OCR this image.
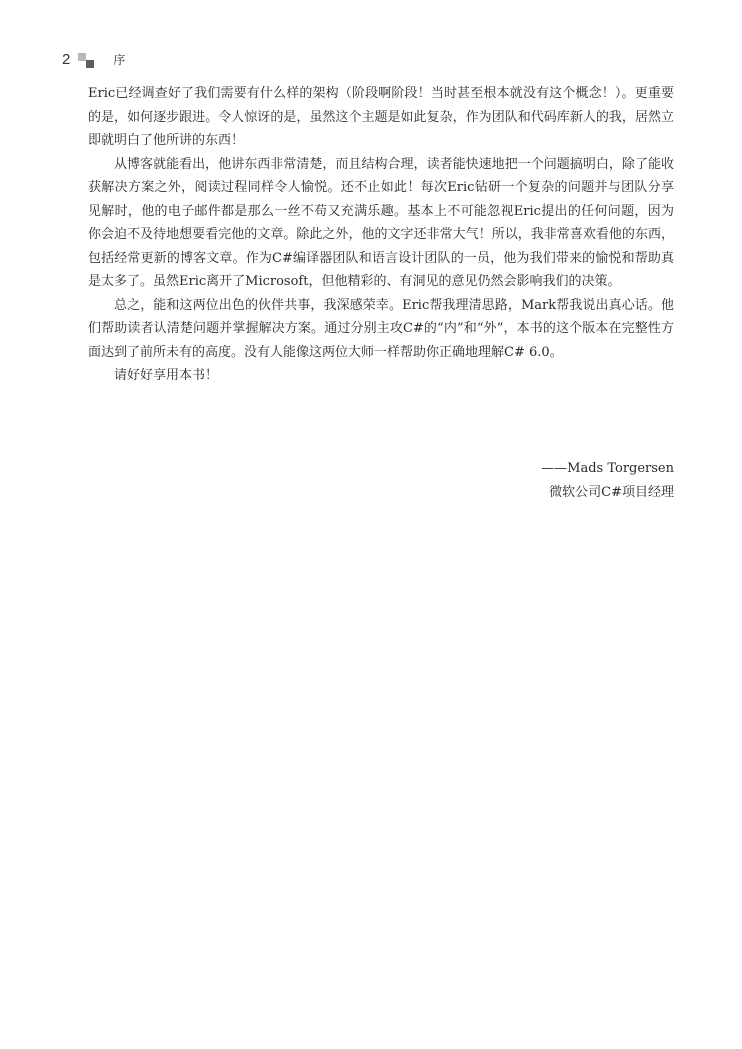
2	序

Eric已经调查好了我们需要有什么样的架构（阶段啊阶段！当时甚至根本就没有这个概念！）。更重要的是，如何逐步跟进。令人惊讶的是，虽然这个主题是如此复杂，作为团队和代码库新人的我，居然立即就明白了他所讲的东西！

从博客就能看出，他讲东西非常清楚，而且结构合理，读者能快速地把一个问题搞明白，除了能收获解决方案之外，阅读过程同样令人愉悦。还不止如此！每次Eric钻研一个复杂的问题并与团队分享见解时，他的电子邮件都是那么一丝不苟又充满乐趣。基本上不可能忽视Eric提出的任何问题，因为你会迫不及待地想要看完他的文章。除此之外，他的文字还非常大气！所以，我非常喜欢看他的东西，包括经常更新的博客文章。作为C#编译器团队和语言设计团队的一员，他为我们带来的愉悦和帮助真是太多了。虽然Eric离开了Microsoft，但他精彩的、有洞见的意见仍然会影响我们的决策。

总之，能和这两位出色的伙伴共事，我深感荣幸。Eric帮我理清思路，Mark帮我说出真心话。他们帮助读者认清楚问题并掌握解决方案。通过分别主攻C#的“内”和“外”，本书的这个版本在完整性方面达到了前所未有的高度。没有人能像这两位大师一样帮助你正确地理解C# 6.0。

请好好享用本书！

——Mads Torgersen
微软公司C#项目经理
